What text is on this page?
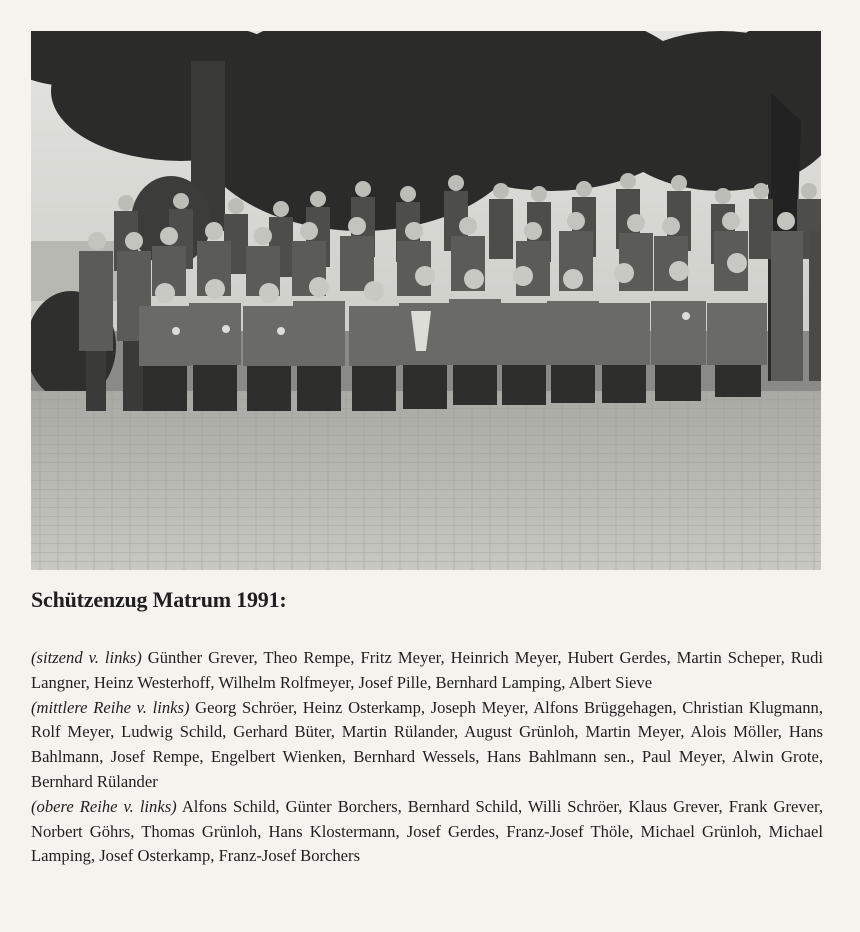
Schützenzug Matrum 1991:

(sitzend v. links) Günther Grever, Theo Rempe, Fritz Meyer, Heinrich Meyer, Hubert Gerdes, Martin Scheper, Rudi Langner, Heinz Westerhoff, Wilhelm Rolfmeyer, Josef Pille, Bernhard Lamping, Albert Sieve

(mittlere Reihe v. links) Georg Schröer, Heinz Osterkamp, Joseph Meyer, Alfons Brüggehagen, Christian Klugmann, Rolf Meyer, Ludwig Schild, Gerhard Büter, Martin Rülander, August Grünloh, Martin Meyer, Alois Möller, Hans Bahlmann, Josef Rempe, Engelbert Wienken, Bernhard Wessels, Hans Bahlmann sen., Paul Meyer, Alwin Grote, Bernhard Rülander

(obere Reihe v. links) Alfons Schild, Günter Borchers, Bernhard Schild, Willi Schröer, Klaus Grever, Frank Grever, Norbert Göhrs, Thomas Grünloh, Hans Klostermann, Josef Gerdes, Franz-Josef Thöle, Michael Grünloh, Michael Lamping, Josef Osterkamp, Franz-Josef Borchers
